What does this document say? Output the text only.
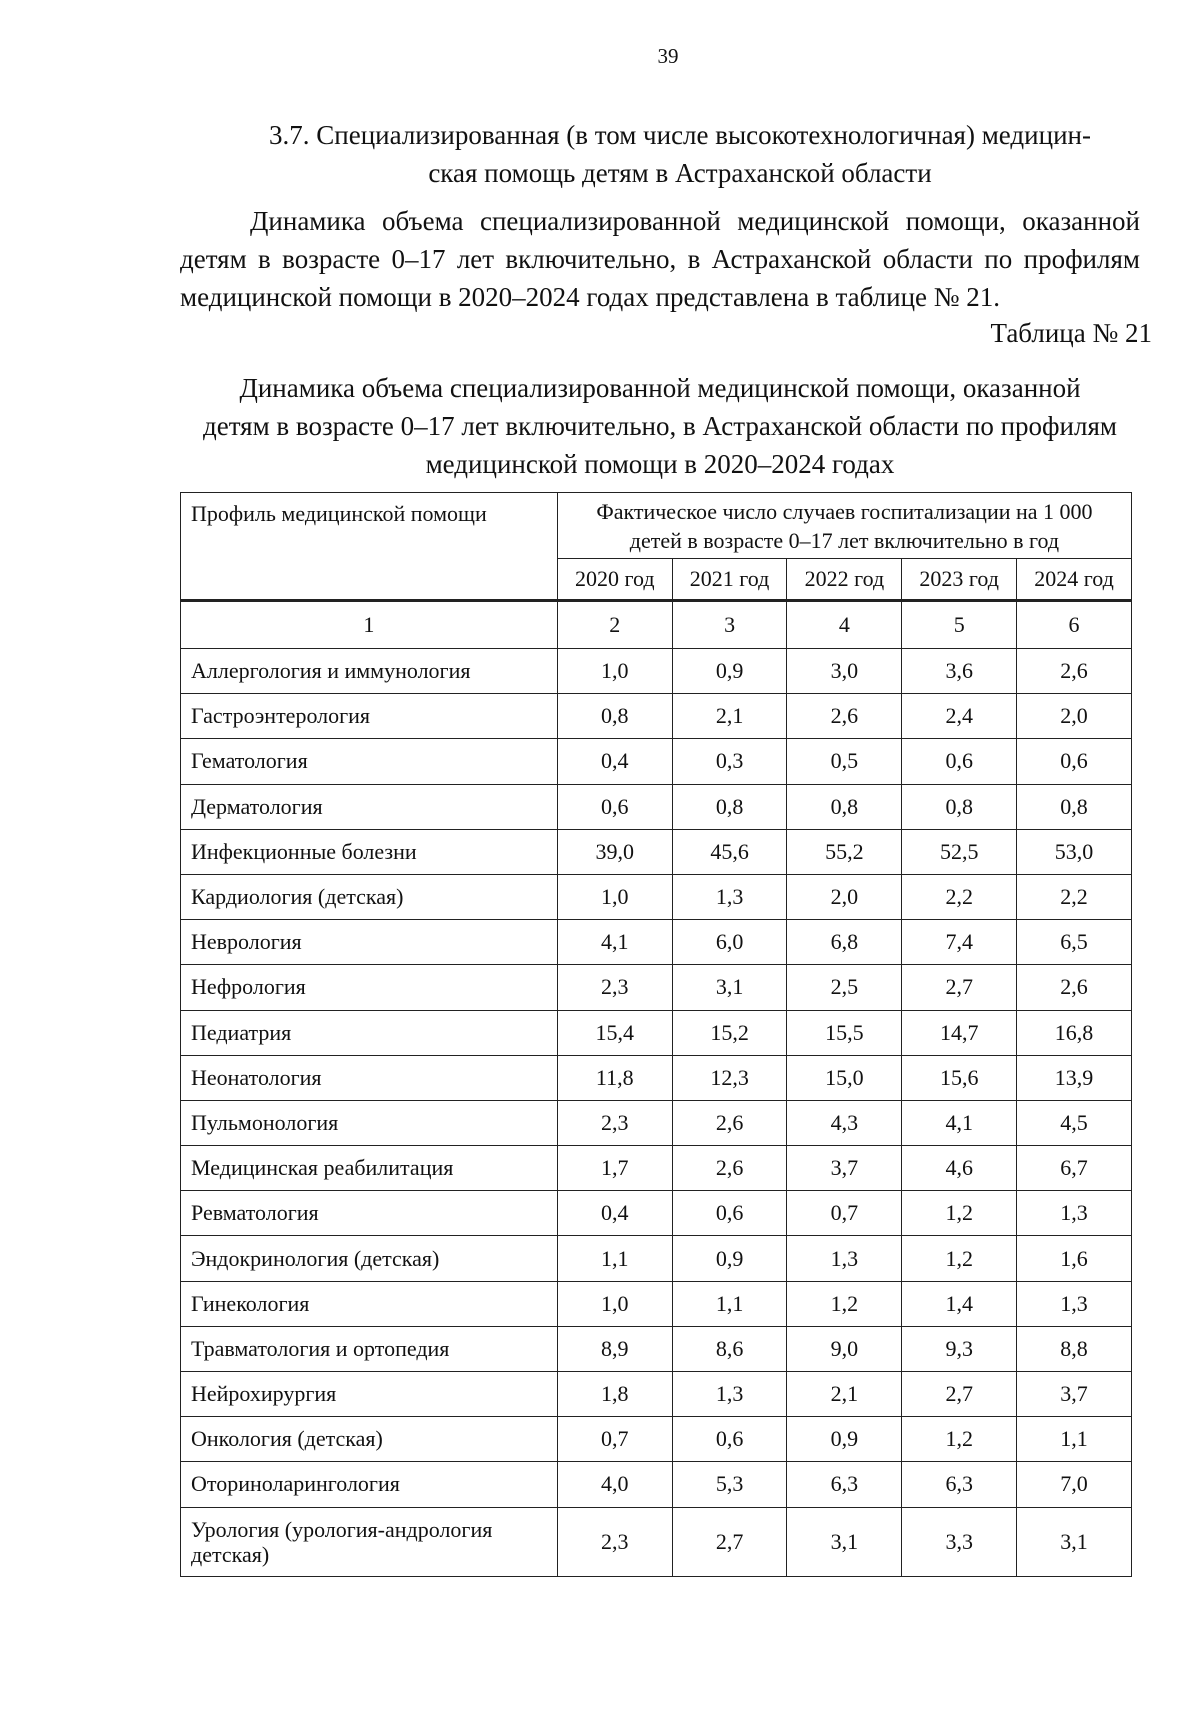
39
3.7. Специализированная (в том числе высокотехнологичная) медицин-
ская помощь детям в Астраханской области

Динамика объема специализированной медицинской помощи, оказанной детям в возрасте 0–17 лет включительно, в Астраханской области по профилям медицинской помощи в 2020–2024 годах представлена в таблице № 21.

Таблица № 21
Динамика объема специализированной медицинской помощи, оказанной
детям в возрасте 0–17 лет включительно, в Астраханской области по профилям
медицинской помощи в 2020–2024 годах
Профиль медицинской помощи	Фактическое число случаев госпитализации на 1 000
детей в возрасте 0–17 лет включительно в год				

	2020 год	2021 год	2022 год	2023 год	2024 год
1	2	3	4	5	6
Аллергология и иммунология	1,0	0,9	3,0	3,6	2,6
Гастроэнтерология	0,8	2,1	2,6	2,4	2,0
Гематология	0,4	0,3	0,5	0,6	0,6
Дерматология	0,6	0,8	0,8	0,8	0,8
Инфекционные болезни	39,0	45,6	55,2	52,5	53,0
Кардиология (детская)	1,0	1,3	2,0	2,2	2,2
Неврология	4,1	6,0	6,8	7,4	6,5
Нефрология	2,3	3,1	2,5	2,7	2,6
Педиатрия	15,4	15,2	15,5	14,7	16,8
Неонатология	11,8	12,3	15,0	15,6	13,9
Пульмонология	2,3	2,6	4,3	4,1	4,5
Медицинская реабилитация	1,7	2,6	3,7	4,6	6,7
Ревматология	0,4	0,6	0,7	1,2	1,3
Эндокринология (детская)	1,1	0,9	1,3	1,2	1,6
Гинекология	1,0	1,1	1,2	1,4	1,3
Травматология и ортопедия	8,9	8,6	9,0	9,3	8,8
Нейрохирургия	1,8	1,3	2,1	2,7	3,7
Онкология (детская)	0,7	0,6	0,9	1,2	1,1
Оториноларингология	4,0	5,3	6,3	6,3	7,0
Урология (урология-андрология детская)	2,3	2,7	3,1	3,3	3,1
